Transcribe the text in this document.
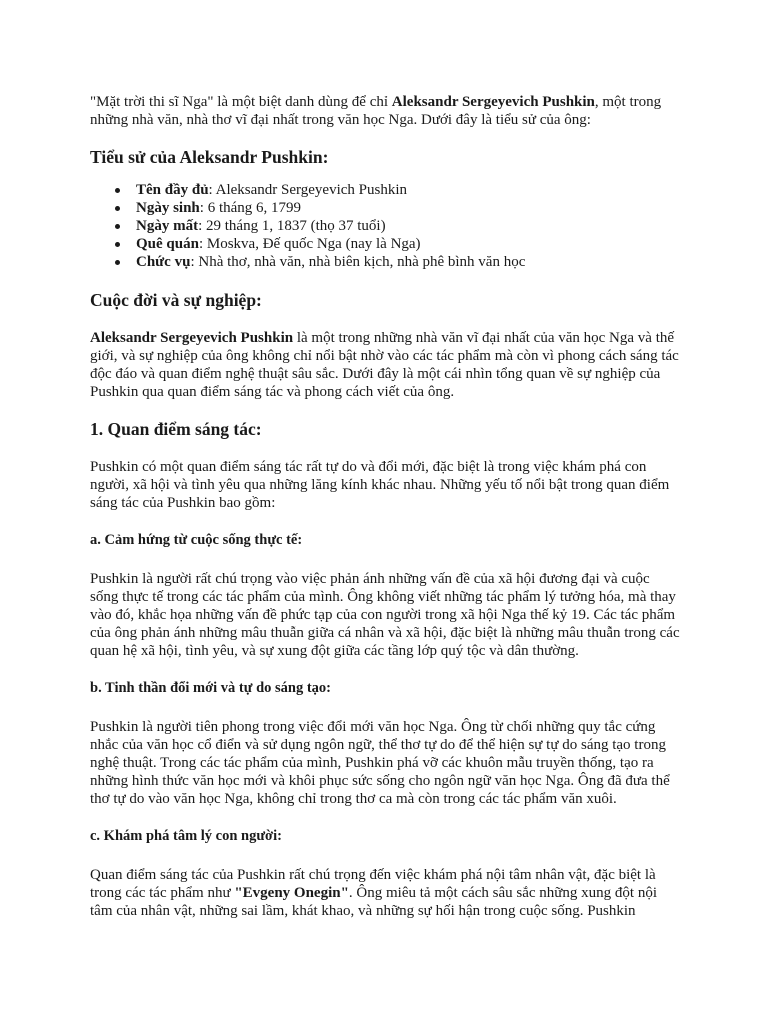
"Mặt trời thi sĩ Nga" là một biệt danh dùng để chỉ Aleksandr Sergeyevich Pushkin, một trong những nhà văn, nhà thơ vĩ đại nhất trong văn học Nga. Dưới đây là tiểu sử của ông:

Tiểu sử của Aleksandr Pushkin:
Tên đầy đủ: Aleksandr Sergeyevich Pushkin
Ngày sinh: 6 tháng 6, 1799
Ngày mất: 29 tháng 1, 1837 (thọ 37 tuổi)
Quê quán: Moskva, Đế quốc Nga (nay là Nga)
Chức vụ: Nhà thơ, nhà văn, nhà biên kịch, nhà phê bình văn học
Cuộc đời và sự nghiệp:

Aleksandr Sergeyevich Pushkin là một trong những nhà văn vĩ đại nhất của văn học Nga và thế giới, và sự nghiệp của ông không chỉ nổi bật nhờ vào các tác phẩm mà còn vì phong cách sáng tác độc đáo và quan điểm nghệ thuật sâu sắc. Dưới đây là một cái nhìn tổng quan về sự nghiệp của Pushkin qua quan điểm sáng tác và phong cách viết của ông.

1. Quan điểm sáng tác:

Pushkin có một quan điểm sáng tác rất tự do và đổi mới, đặc biệt là trong việc khám phá con người, xã hội và tình yêu qua những lăng kính khác nhau. Những yếu tố nổi bật trong quan điểm sáng tác của Pushkin bao gồm:

a. Cảm hứng từ cuộc sống thực tế:

Pushkin là người rất chú trọng vào việc phản ánh những vấn đề của xã hội đương đại và cuộc sống thực tế trong các tác phẩm của mình. Ông không viết những tác phẩm lý tưởng hóa, mà thay vào đó, khắc họa những vấn đề phức tạp của con người trong xã hội Nga thế kỷ 19. Các tác phẩm của ông phản ánh những mâu thuẫn giữa cá nhân và xã hội, đặc biệt là những mâu thuẫn trong các quan hệ xã hội, tình yêu, và sự xung đột giữa các tầng lớp quý tộc và dân thường.

b. Tinh thần đổi mới và tự do sáng tạo:

Pushkin là người tiên phong trong việc đổi mới văn học Nga. Ông từ chối những quy tắc cứng nhắc của văn học cổ điển và sử dụng ngôn ngữ, thể thơ tự do để thể hiện sự tự do sáng tạo trong nghệ thuật. Trong các tác phẩm của mình, Pushkin phá vỡ các khuôn mẫu truyền thống, tạo ra những hình thức văn học mới và khôi phục sức sống cho ngôn ngữ văn học Nga. Ông đã đưa thể thơ tự do vào văn học Nga, không chỉ trong thơ ca mà còn trong các tác phẩm văn xuôi.

c. Khám phá tâm lý con người:

Quan điểm sáng tác của Pushkin rất chú trọng đến việc khám phá nội tâm nhân vật, đặc biệt là trong các tác phẩm như "Evgeny Onegin". Ông miêu tả một cách sâu sắc những xung đột nội tâm của nhân vật, những sai lầm, khát khao, và những sự hối hận trong cuộc sống. Pushkin
